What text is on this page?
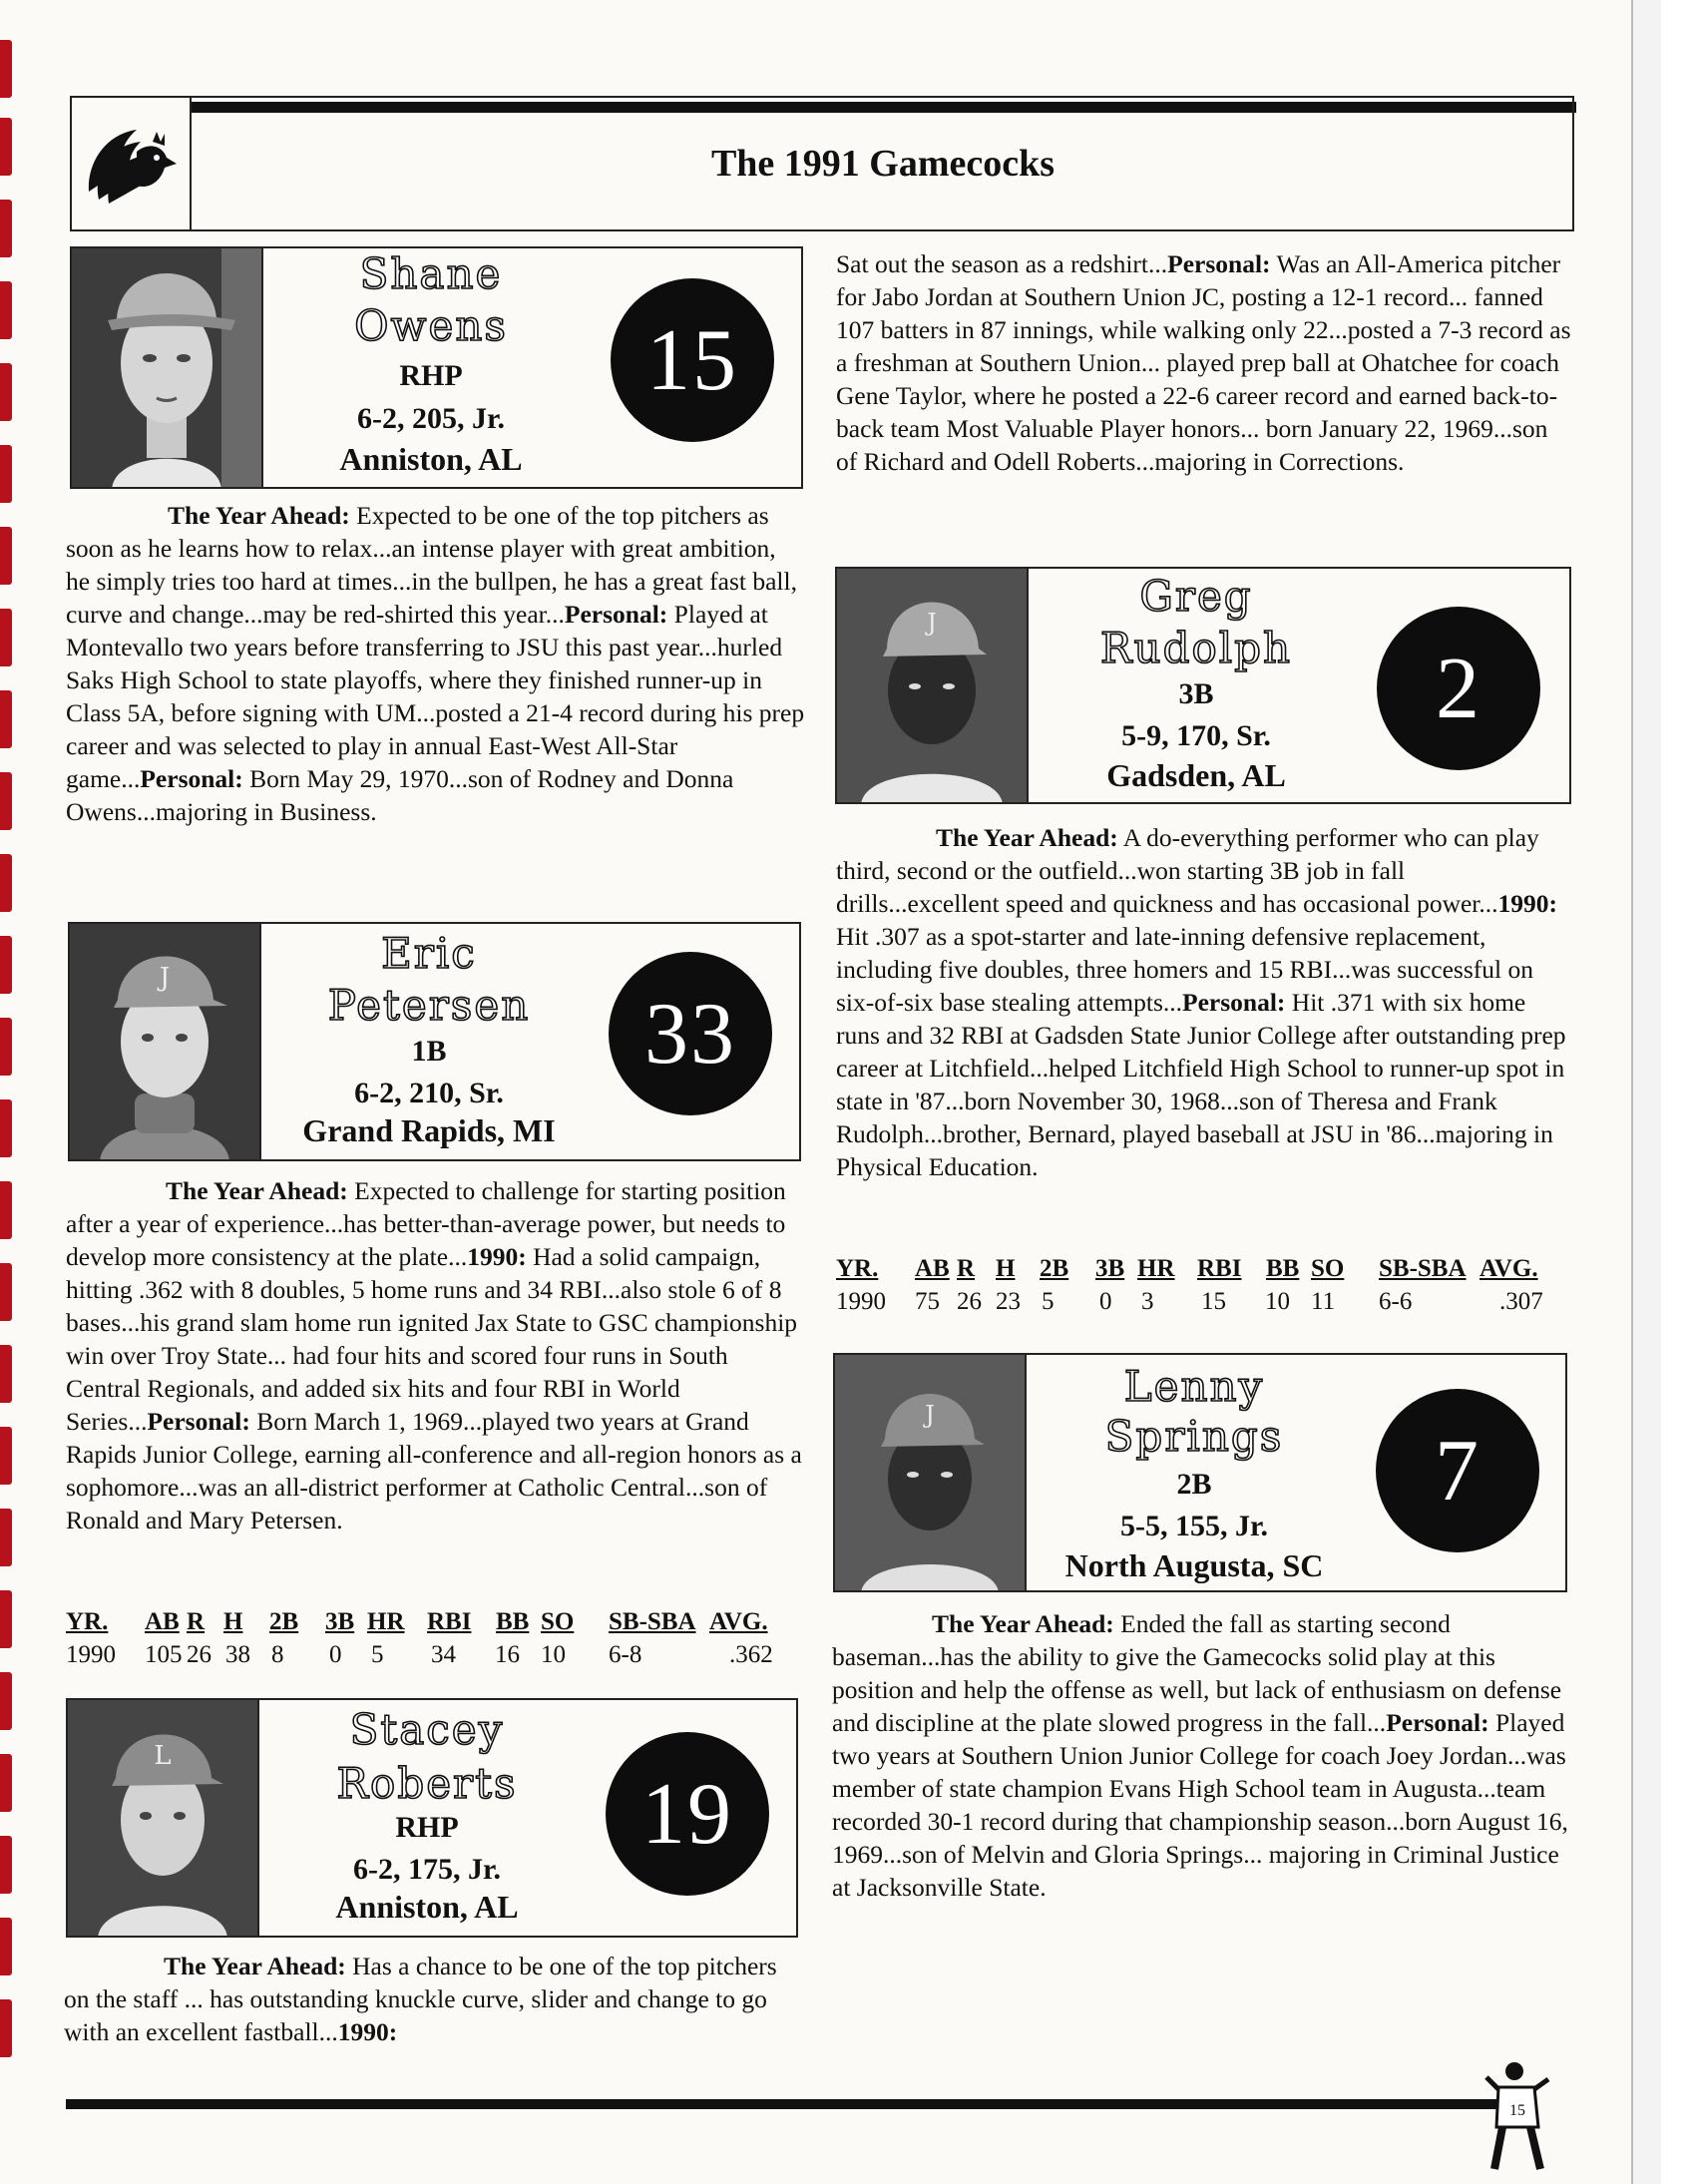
The 1991 Gamecocks
Shane
Owens
RHP
6-2, 205, Jr.
Anniston, AL
15
The Year Ahead: Expected to be one of the top pitchers as soon as he learns how to relax...an intense player with great ambition, he simply tries too hard at times...in the bullpen, he has a great fast ball, curve and change...may be red-shirted this year...Personal: Played at Montevallo two years before transferring to JSU this past year...hurled Saks High School to state playoffs, where they finished runner-up in Class 5A, before signing with UM...posted a 21-4 record during his prep career and was selected to play in annual East-West All-Star game...Personal: Born May 29, 1970...son of Rodney and Donna Owens...majoring in Business.
J	Eric
Petersen
1B
6-2, 210, Sr.
Grand Rapids, MI
33
The Year Ahead: Expected to challenge for starting position after a year of experience...has better-than-average power, but needs to develop more consistency at the plate...1990: Had a solid campaign, hitting .362 with 8 doubles, 5 home runs and 34 RBI...also stole 6 of 8 bases...his grand slam home run ignited Jax State to GSC championship win over Troy State... had four hits and scored four runs in South Central Regionals, and added six hits and four RBI in World Series...Personal: Born March 1, 1969...played two years at Grand Rapids Junior College, earning all-conference and all-region honors as a sophomore...was an all-district performer at Catholic Central...son of Ronald and Mary Petersen.
YR. AB R H 2B 3B HR RBI BB SO SB-SBA AVG.
1990 105 26 38 8 0 5 34 16 10 6-8	.362
L
Stacey
Roberts
RHP
6-2, 175, Jr.
Anniston, AL
19
The Year Ahead: Has a chance to be one of the top pitchers on the staff ... has outstanding knuckle curve, slider and change to go with an excellent fastball...1990:
Sat out the season as a redshirt...Personal: Was an All-America pitcher for Jabo Jordan at Southern Union JC, posting a 12-1 record... fanned 107 batters in 87 innings, while walking only 22...posted a 7-3 record as a freshman at Southern Union... played prep ball at Ohatchee for coach Gene Taylor, where he posted a 22-6 career record and earned back-to-back team Most Valuable Player honors... born January 22, 1969...son of Richard and Odell Roberts...majoring in Corrections.
J
Greg
Rudolph
3B
5-9, 170, Sr.
Gadsden, AL
2
The Year Ahead: A do-everything performer who can play third, second or the outfield...won starting 3B job in fall drills...excellent speed and quickness and has occasional power...1990: Hit .307 as a spot-starter and late-inning defensive replacement, including five doubles, three homers and 15 RBI...was successful on six-of-six base stealing attempts...Personal: Hit .371 with six home runs and 32 RBI at Gadsden State Junior College after outstanding prep career at Litchfield...helped Litchfield High School to runner-up spot in state in '87...born November 30, 1968...son of Theresa and Frank Rudolph...brother, Bernard, played baseball at JSU in '86...majoring in Physical Education.
YR. AB R H 2B 3B HR RBI BB SO SB-SBA AVG.
1990 75 26 23 5 0 3 15 10 11 6-6	.307
J
Lenny
Springs
2B
5-5, 155, Jr.
North Augusta, SC
7
The Year Ahead: Ended the fall as starting second baseman...has the ability to give the Gamecocks solid play at this position and help the offense as well, but lack of enthusiasm on defense and discipline at the plate slowed progress in the fall...Personal: Played two years at Southern Union Junior College for coach Joey Jordan...was member of state champion Evans High School team in Augusta...team recorded 30-1 record during that championship season...born August 16, 1969...son of Melvin and Gloria Springs... majoring in Criminal Justice at Jacksonville State.
15
